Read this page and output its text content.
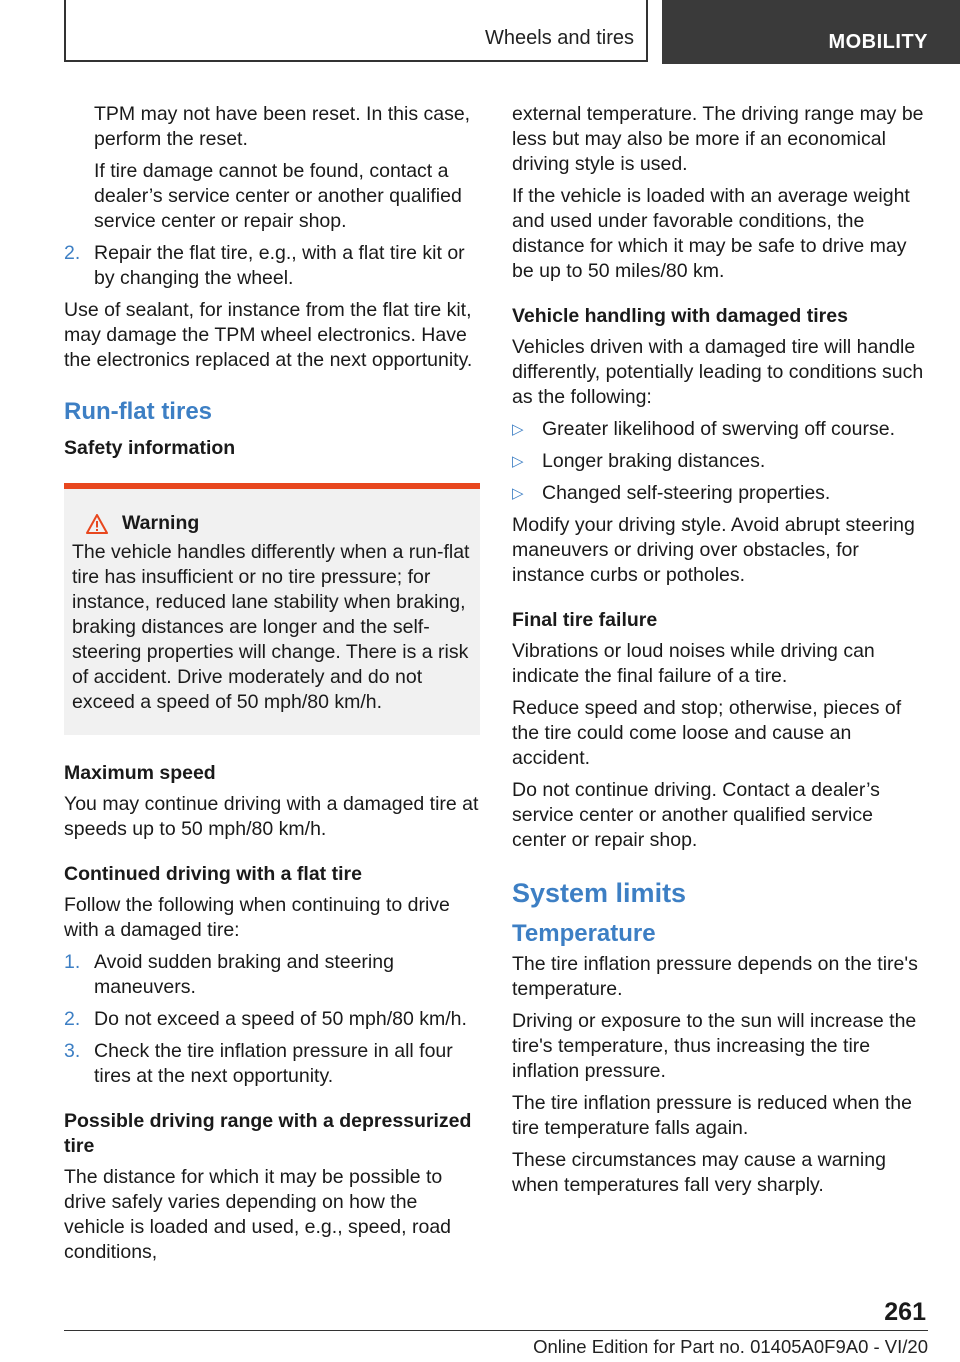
Wheels and tires	MOBILITY

TPM may not have been reset. In this case, perform the reset.

If tire damage cannot be found, contact a dealer’s service center or another qualified service center or repair shop.

2. Repair the flat tire, e.g., with a flat tire kit or by changing the wheel.

Use of sealant, for instance from the flat tire kit, may damage the TPM wheel electronics. Have the electronics replaced at the next opportunity.

Run-flat tires
Safety information
Warning
The vehicle handles differently when a run-flat tire has insufficient or no tire pressure; for instance, reduced lane stability when braking, braking distances are longer and the self-steering properties will change. There is a risk of accident. Drive moderately and do not exceed a speed of 50 mph/80 km/h.
Maximum speed

You may continue driving with a damaged tire at speeds up to 50 mph/80 km/h.

Continued driving with a flat tire

Follow the following when continuing to drive with a damaged tire:

1. Avoid sudden braking and steering maneuvers.
2. Do not exceed a speed of 50 mph/80 km/h.
3. Check the tire inflation pressure in all four tires at the next opportunity.
Possible driving range with a depressurized tire

The distance for which it may be possible to drive safely varies depending on how the vehicle is loaded and used, e.g., speed, road conditions,

external temperature. The driving range may be less but may also be more if an economical driving style is used.

If the vehicle is loaded with an average weight and used under favorable conditions, the distance for which it may be safe to drive may be up to 50 miles/80 km.

Vehicle handling with damaged tires

Vehicles driven with a damaged tire will handle differently, potentially leading to conditions such as the following:

▷ Greater likelihood of swerving off course.
▷ Longer braking distances.
▷ Changed self-steering properties.

Modify your driving style. Avoid abrupt steering maneuvers or driving over obstacles, for instance curbs or potholes.

Final tire failure

Vibrations or loud noises while driving can indicate the final failure of a tire.

Reduce speed and stop; otherwise, pieces of the tire could come loose and cause an accident.

Do not continue driving. Contact a dealer’s service center or another qualified service center or repair shop.

System limits
Temperature

The tire inflation pressure depends on the tire's temperature.

Driving or exposure to the sun will increase the tire's temperature, thus increasing the tire inflation pressure.

The tire inflation pressure is reduced when the tire temperature falls again.

These circumstances may cause a warning when temperatures fall very sharply.

261
Online Edition for Part no. 01405A0F9A0 - VI/20
